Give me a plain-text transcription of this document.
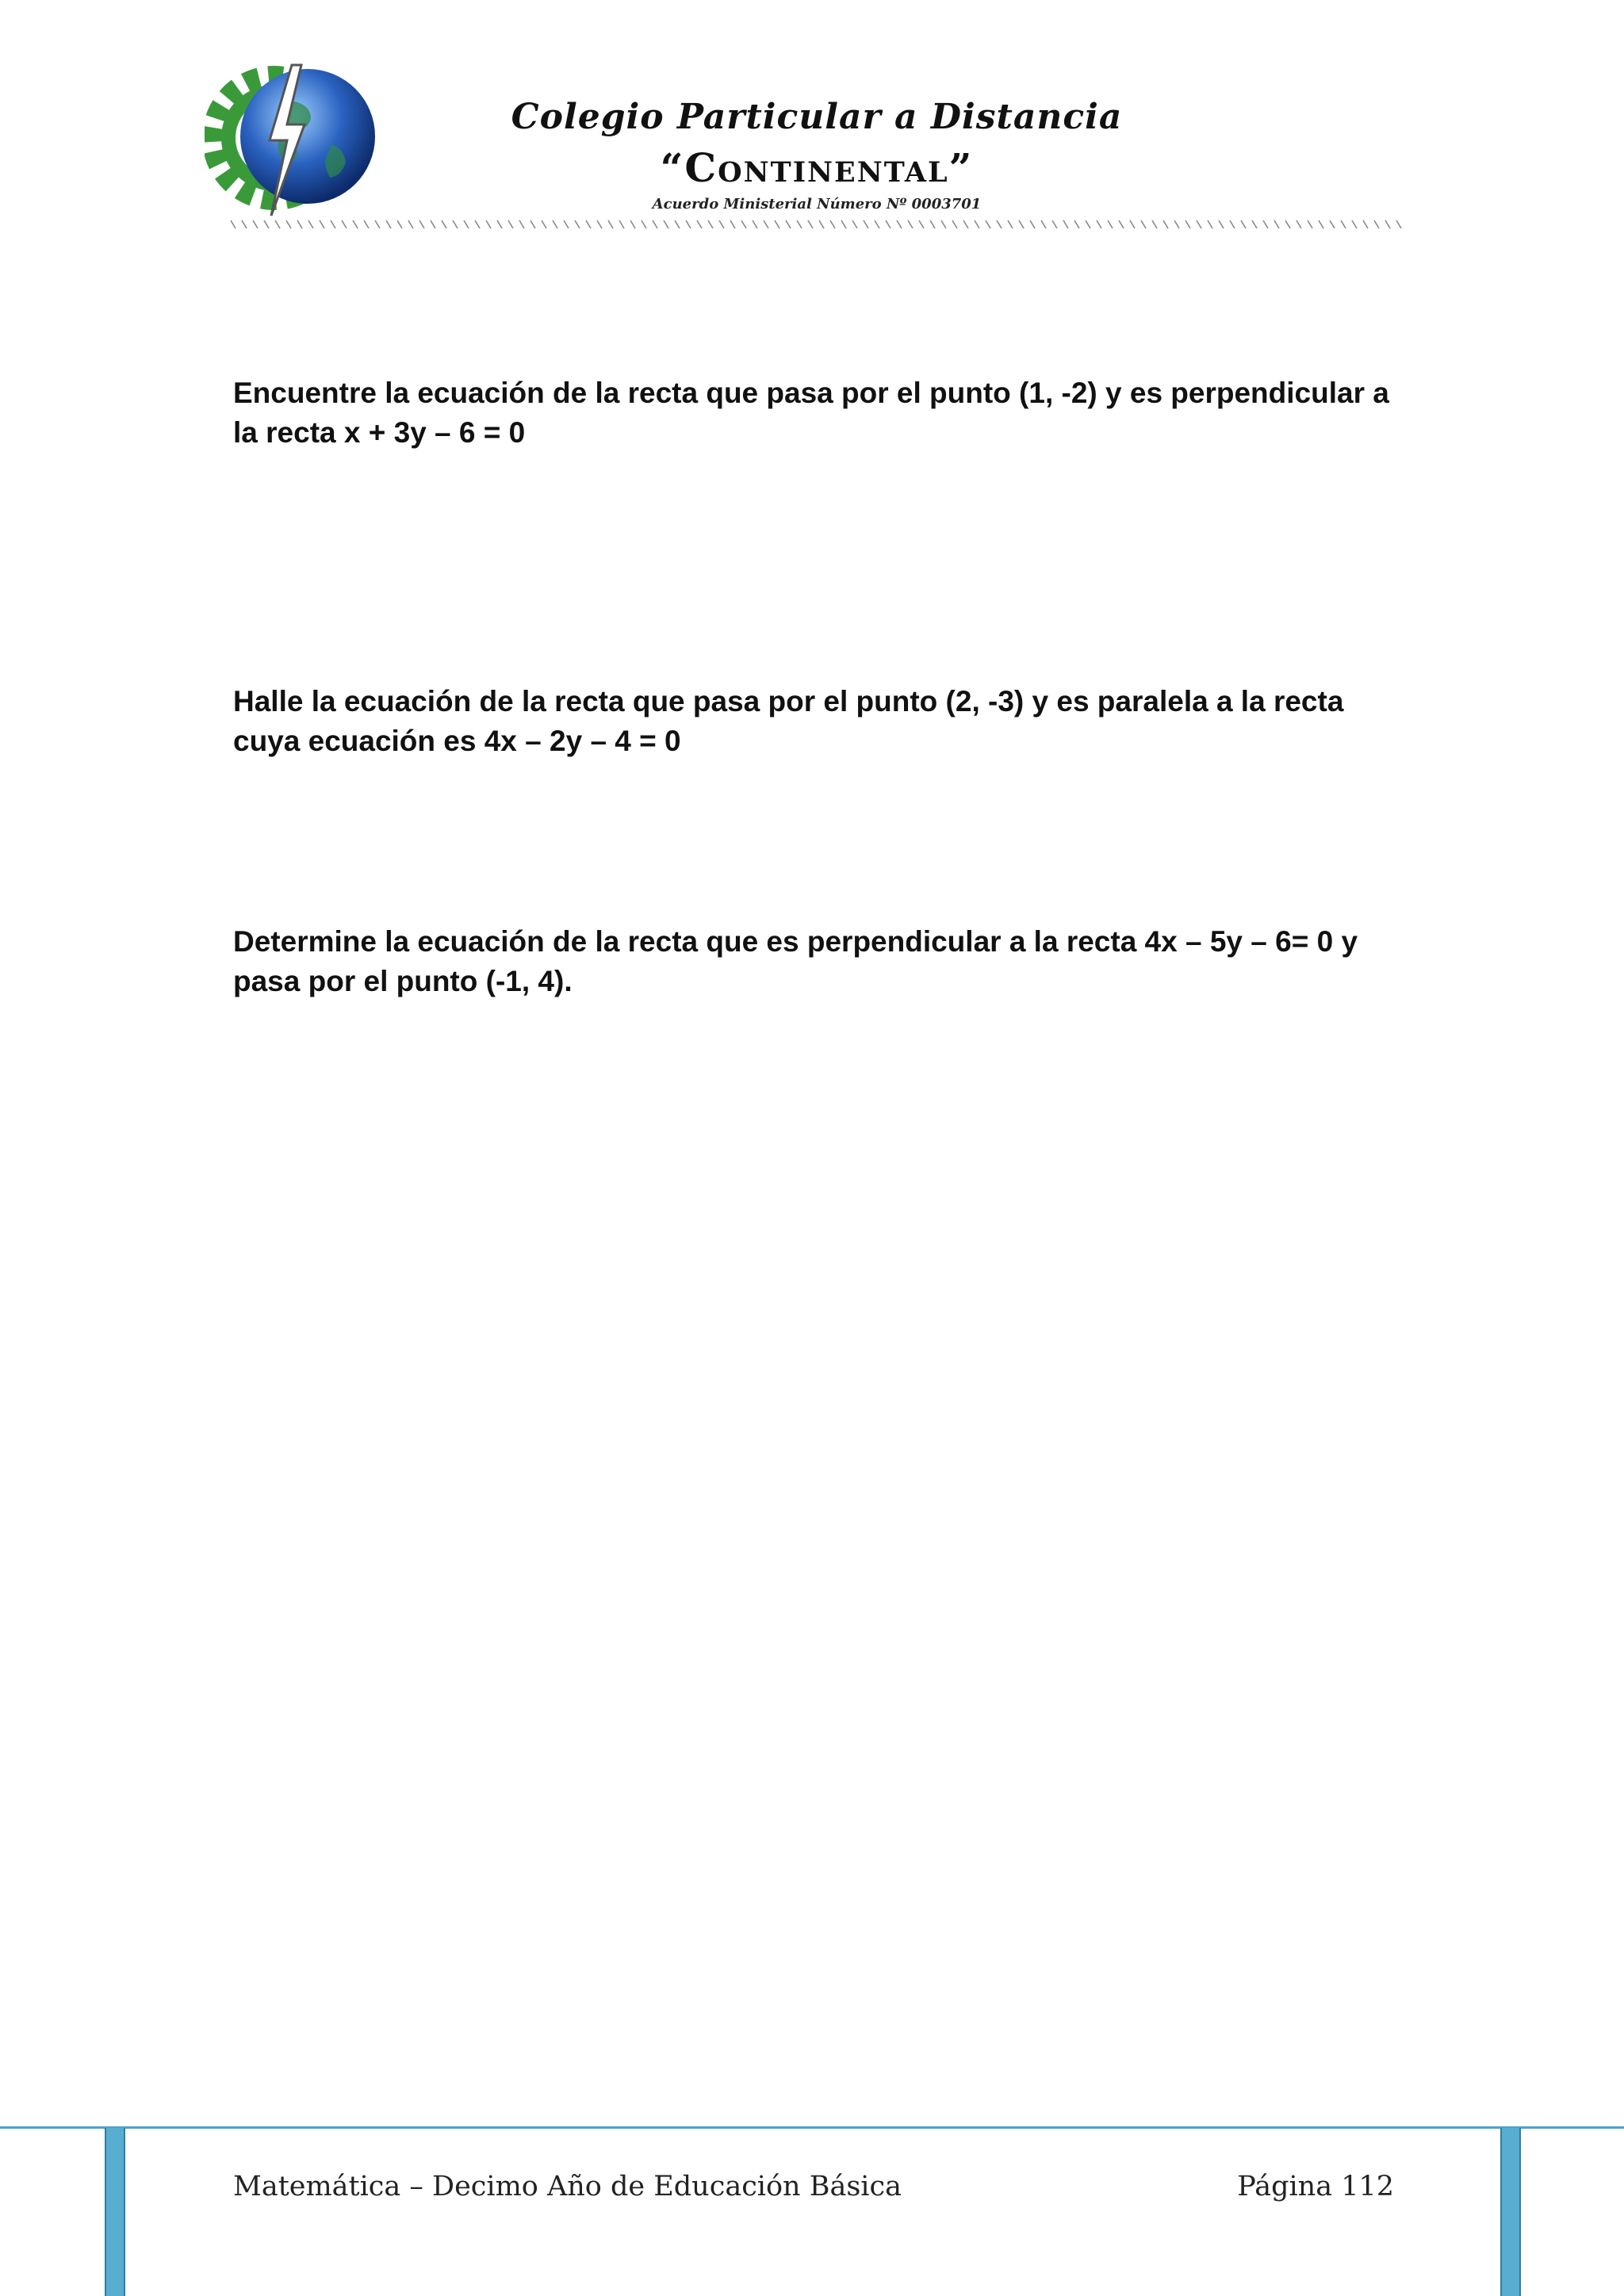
Colegio Particular a Distancia
“Continental”
Acuerdo Ministerial Número Nº 0003701

Encuentre la ecuación de la recta que pasa por el punto (1, -2) y es perpendicular a la recta x + 3y – 6 = 0

Halle la ecuación de la recta que pasa por el punto (2, -3) y es paralela a la recta cuya ecuación es 4x – 2y – 4 = 0

Determine la ecuación de la recta que es perpendicular a la recta 4x – 5y – 6= 0 y pasa por el punto (-1, 4).

Matemática – Decimo Año de Educación Básica	Página 112
